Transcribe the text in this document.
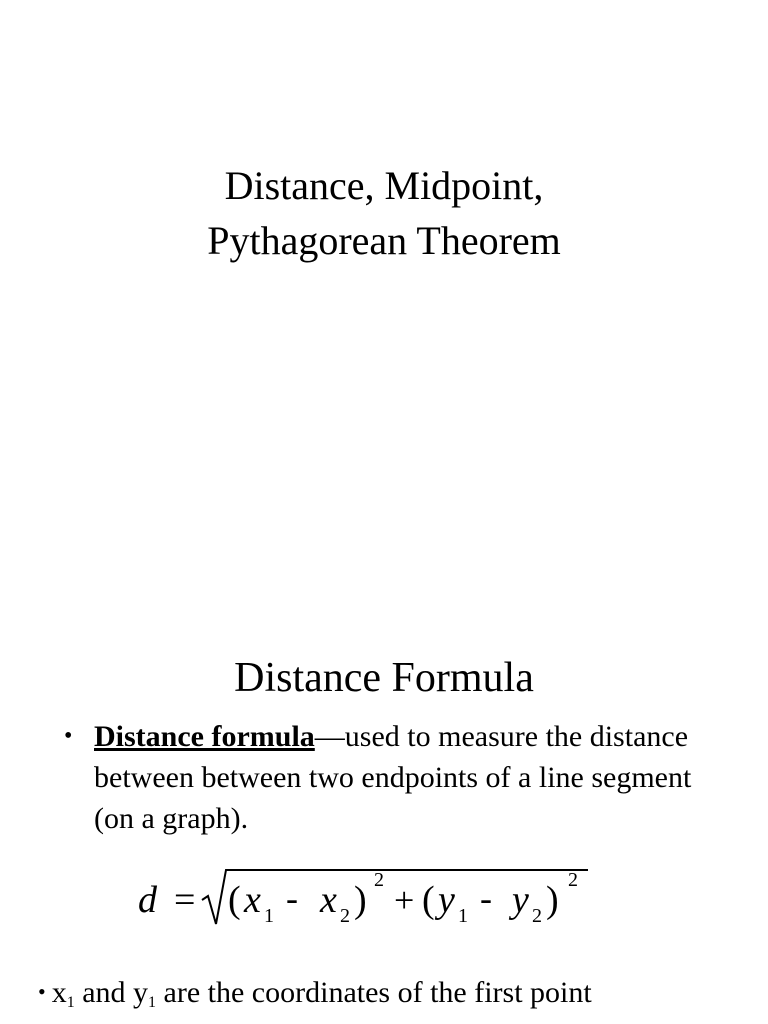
Distance, Midpoint,
Pythagorean Theorem
Distance Formula
• Distance formula—used to measure the distance between between two endpoints of a line segment (on a graph).
d = ( x 1 - x 2 ) 2 + ( y 1 - y 2 ) 2
• $x_1$ and $y_1$ are the coordinates of the first point
